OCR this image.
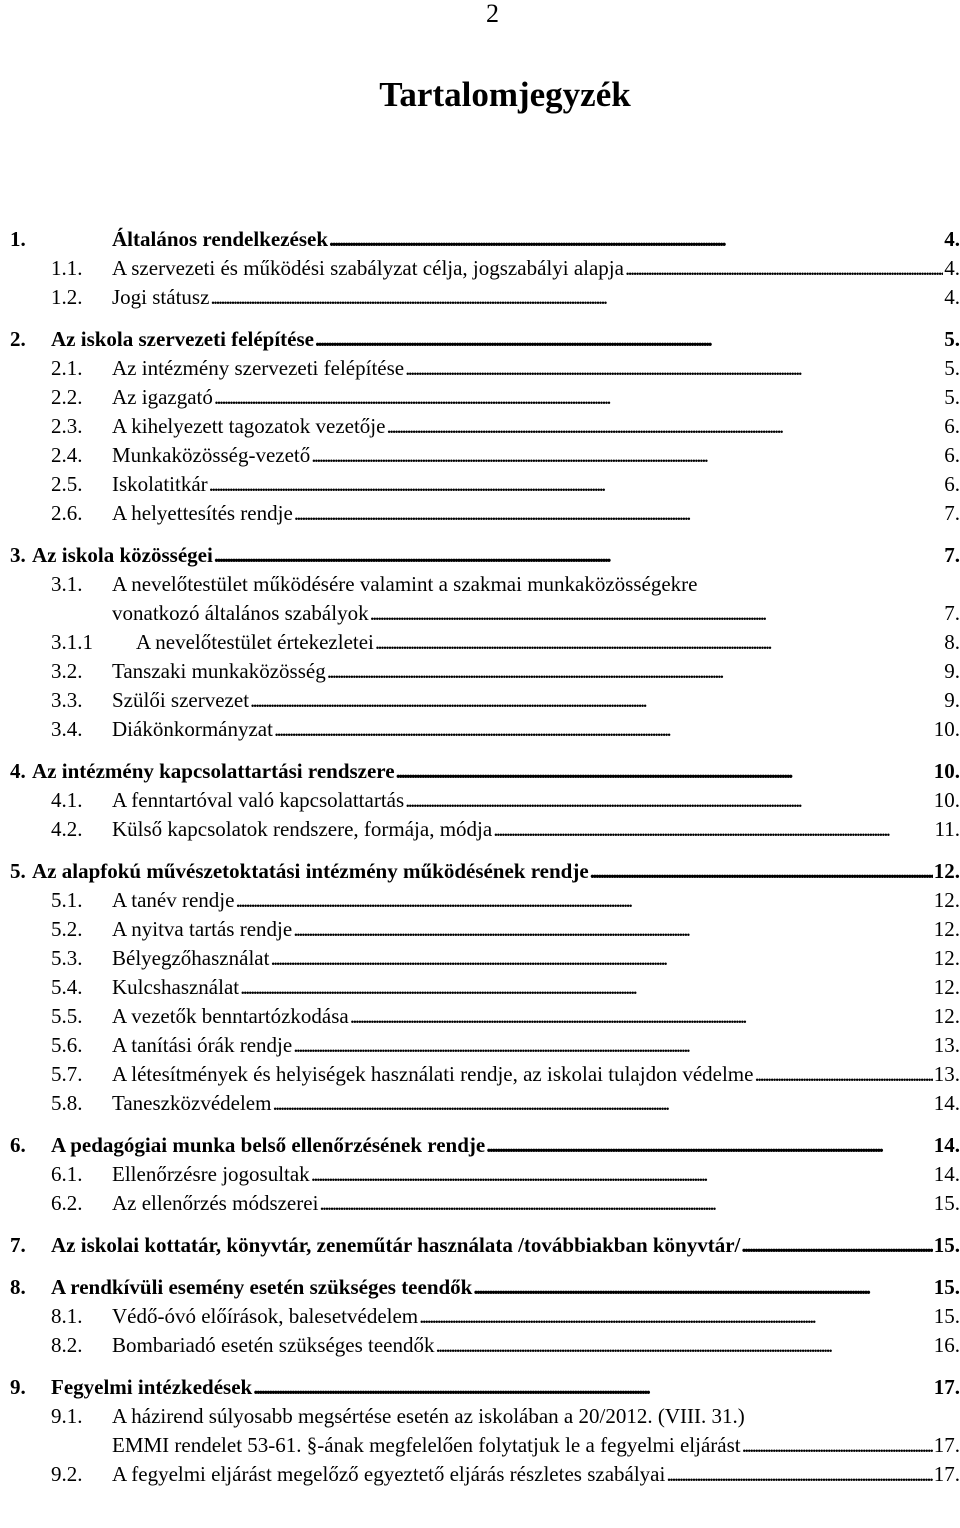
2
Tartalomjegyzék
1.	Általános rendelkezések . . .	4.
1.1. A szervezeti és működési szabályzat célja, jogszabályi alapja . . .	4.
1.2. Jogi státusz . . .	4.
2. Az iskola szervezeti felépítése . . .	5.
2.1. Az intézmény szervezeti felépítése . . .	5.
2.2. Az igazgató . . .	5.
2.3. A kihelyezett tagozatok vezetője . . .	6.
2.4. Munkaközösség-vezető . . .	6.
2.5. Iskolatitkár . . .	6.
2.6. A helyettesítés rendje . . .	7.
3. Az iskola közösségei . . .	7.
3.1. A nevelőtestület működésére valamint a szakmai munkaközösségekre
vonatkozó általános szabályok . . .	7.
3.1.1 A nevelőtestület értekezletei . . .	8.
3.2. Tanszaki munkaközösség . . .	9.
3.3. Szülői szervezet . . .	9.
3.4. Diákönkormányzat . . .	10.
4. Az intézmény kapcsolattartási rendszere . . .	10.
4.1. A fenntartóval való kapcsolattartás . . .	10.
4.2. Külső kapcsolatok rendszere, formája, módja . . .	11.
5. Az alapfokú művészetoktatási intézmény működésének rendje . . .	12.
5.1. A tanév rendje . . .	12.
5.2. A nyitva tartás rendje . . .	12.
5.3. Bélyegzőhasználat . . .	12.
5.4. Kulcshasználat . . .	12.
5.5. A vezetők benntartózkodása . . .	12.
5.6. A tanítási órák rendje . . .	13.
5.7. A létesítmények és helyiségek használati rendje, az iskolai tulajdon védelme . . .	13.
5.8. Taneszközvédelem . . .	14.
6. A pedagógiai munka belső ellenőrzésének rendje . . .	14.
6.1. Ellenőrzésre jogosultak . . .	14.
6.2. Az ellenőrzés módszerei . . .	15.
7. Az iskolai kottatár, könyvtár, zeneműtár használata /továbbiakban könyvtár/ . . .	15.
8. A rendkívüli esemény esetén szükséges teendők . . .	15.
8.1. Védő-óvó előírások, balesetvédelem . . .	15.
8.2. Bombariadó esetén szükséges teendők . . .	16.
9. Fegyelmi intézkedések . . .	17.
9.1. A házirend súlyosabb megsértése esetén az iskolában a 20/2012. (VIII. 31.)
EMMI rendelet 53-61. §-ának megfelelően folytatjuk le a fegyelmi eljárást . . .	17.
9.2. A fegyelmi eljárást megelőző egyeztető eljárás részletes szabályai . . .	17.
